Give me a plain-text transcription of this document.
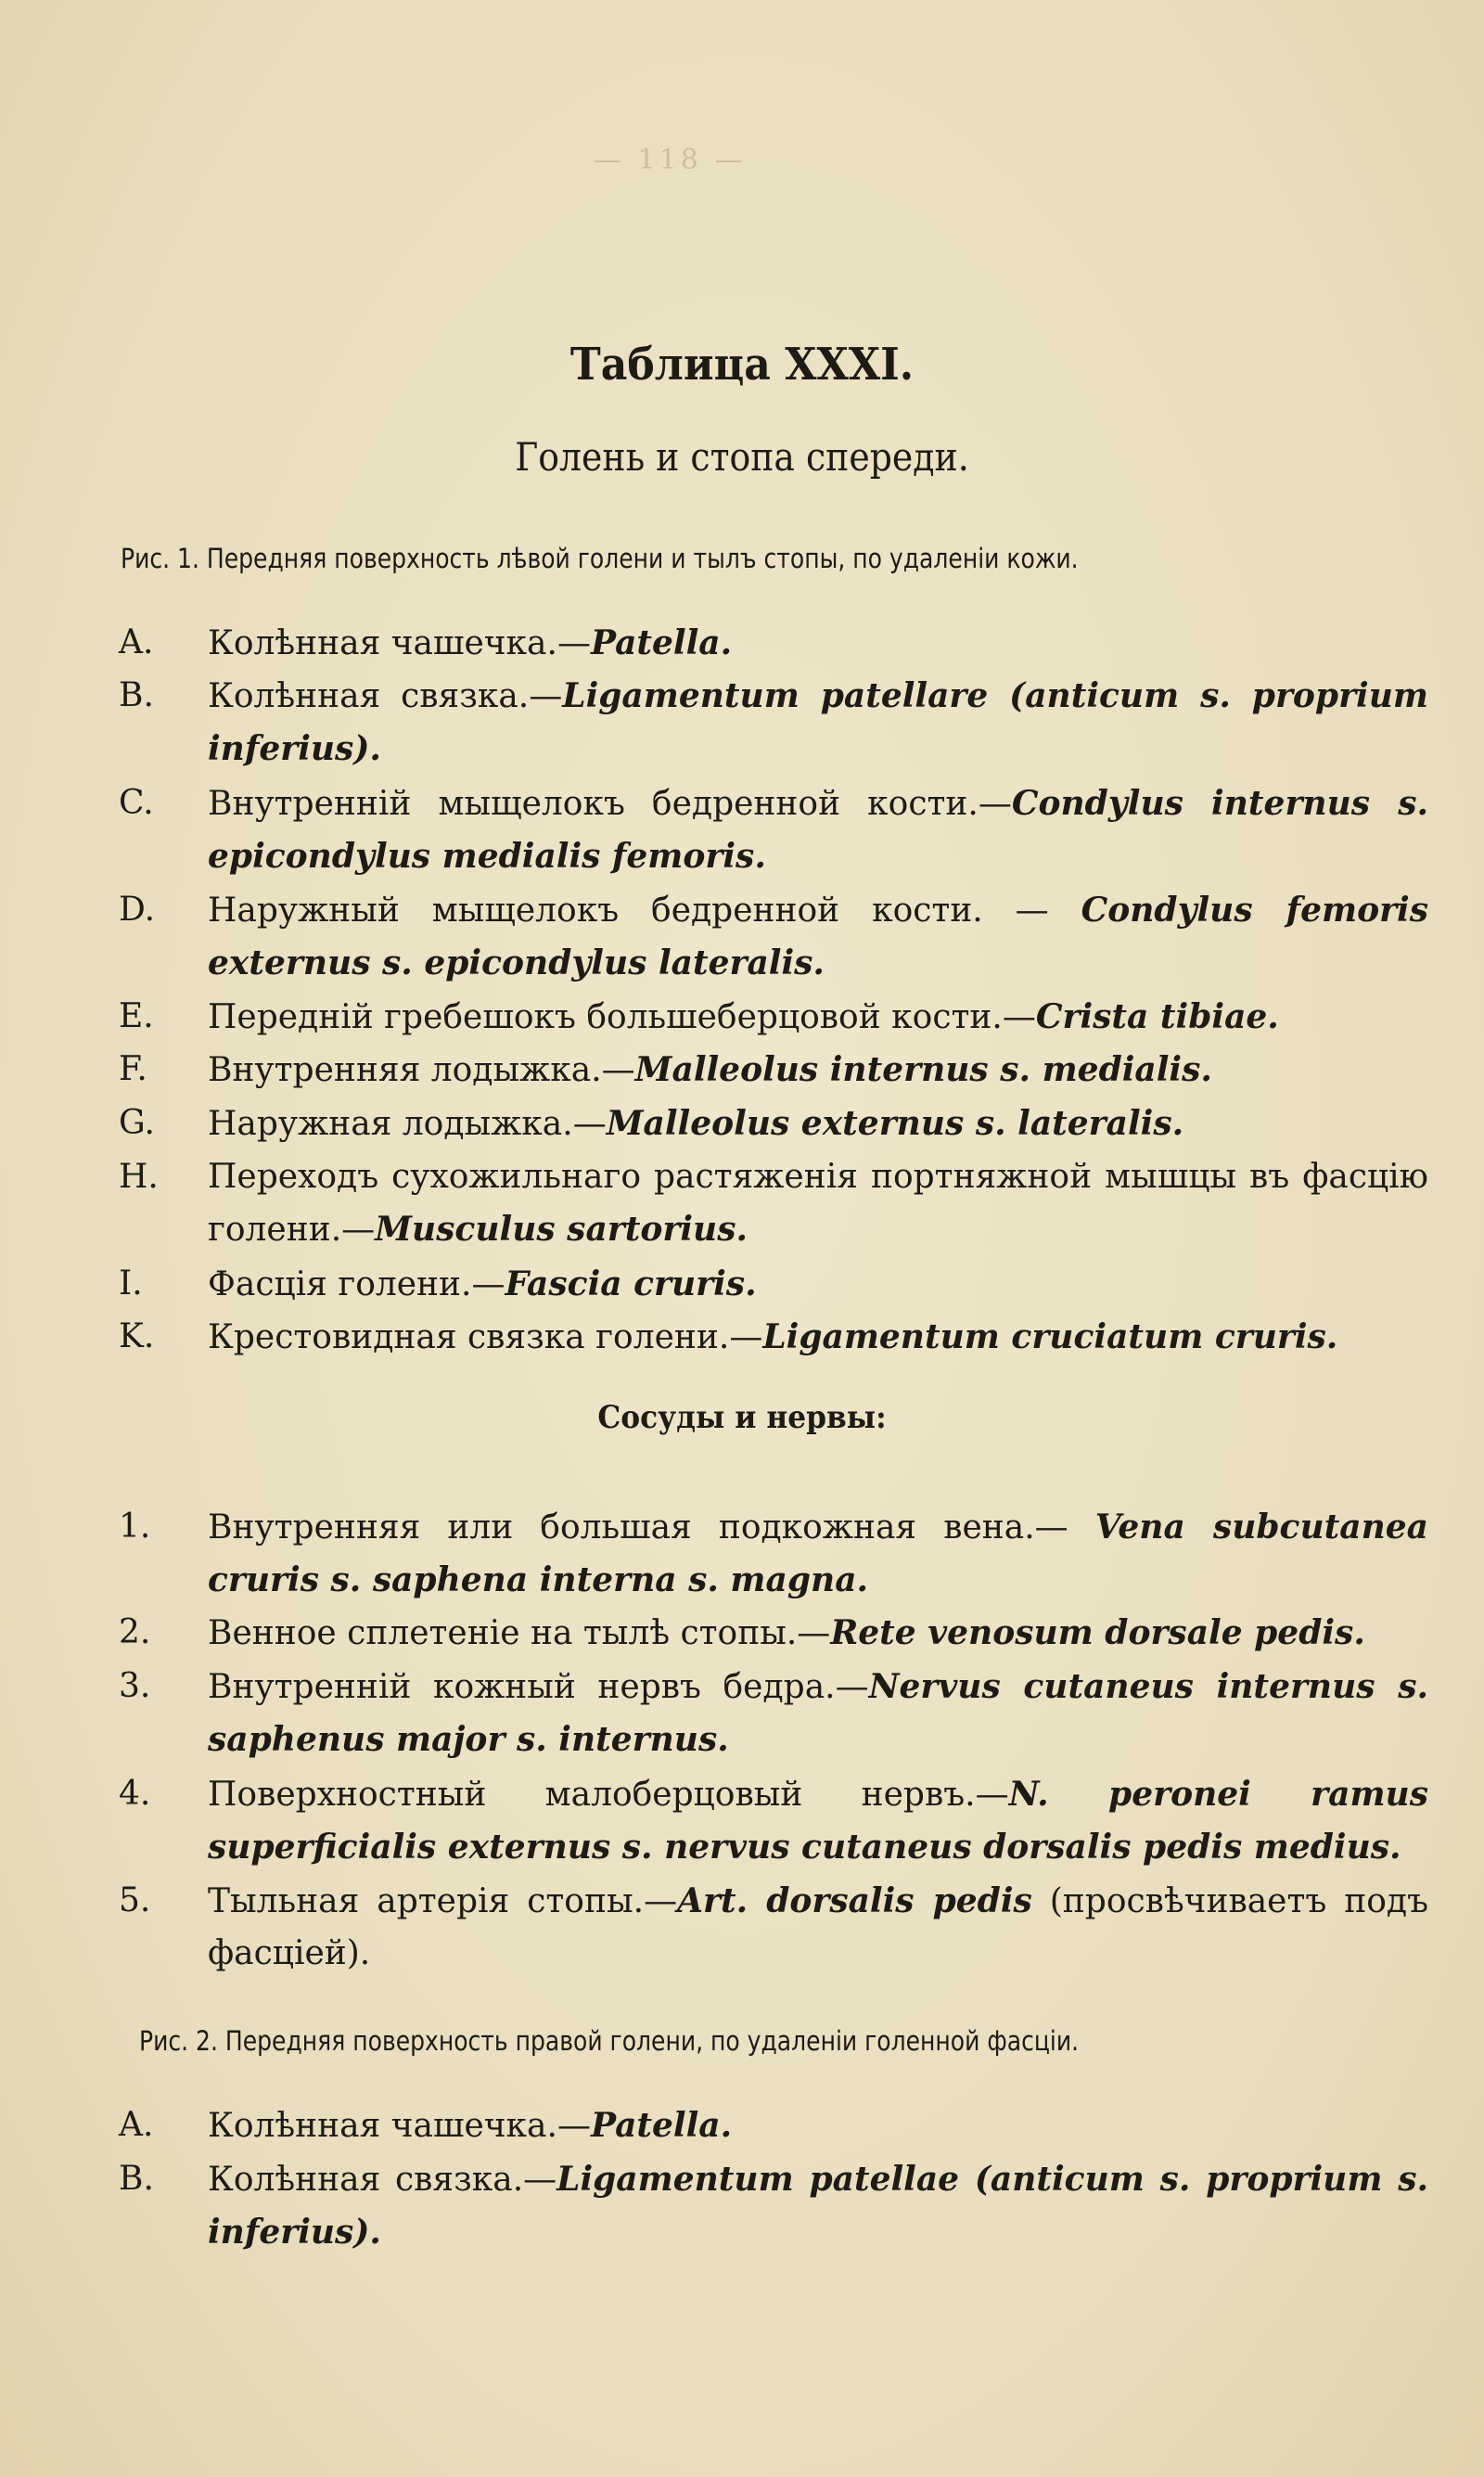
— 118 —
Таблица XXXI.
Голень и стопа спереди.
Рис. 1. Передняя поверхность лѣвой голени и тылъ стопы, по удаленіи кожи.
A.	Колѣнная чашечка.—Patella.
B.	Колѣнная связка.—Ligamentum patellare (anticum s. proprium inferius).
C.	Внутренній мыщелокъ бедренной кости.—Condylus internus s. epicondylus medialis femoris.
D.	Наружный мыщелокъ бедренной кости. — Condylus femoris externus s. epicondylus lateralis.
E.	Передній гребешокъ большеберцовой кости.—Crista tibiae.
F.	Внутренняя лодыжка.—Malleolus internus s. medialis.
G.	Наружная лодыжка.—Malleolus externus s. lateralis.
H.	Переходъ сухожильнаго растяженія портняжной мышцы въ фасцію голени.—Musculus sartorius.
I.	Фасція голени.—Fascia cruris.
K.	Крестовидная связка голени.—Ligamentum cruciatum cruris.
Сосуды и нервы:
1.	Внутренняя или большая подкожная вена.— Vena subcutanea cruris s. saphena interna s. magna.
2.	Венное сплетеніе на тылѣ стопы.—Rete venosum dorsale pedis.
3.	Внутренній кожный нервъ бедра.—Nervus cutaneus internus s. saphenus major s. internus.
4.	Поверхностный малоберцовый нервъ.—N. peronei ramus superficialis externus s. nervus cutaneus dorsalis pedis medius.
5.	Тыльная артерія стопы.—Art. dorsalis pedis (просвѣчиваетъ подъ фасціей).
Рис. 2. Передняя поверхность правой голени, по удаленіи голенной фасціи.
A.	Колѣнная чашечка.—Patella.
B.	Колѣнная связка.—Ligamentum patellae (anticum s. proprium s. inferius).
